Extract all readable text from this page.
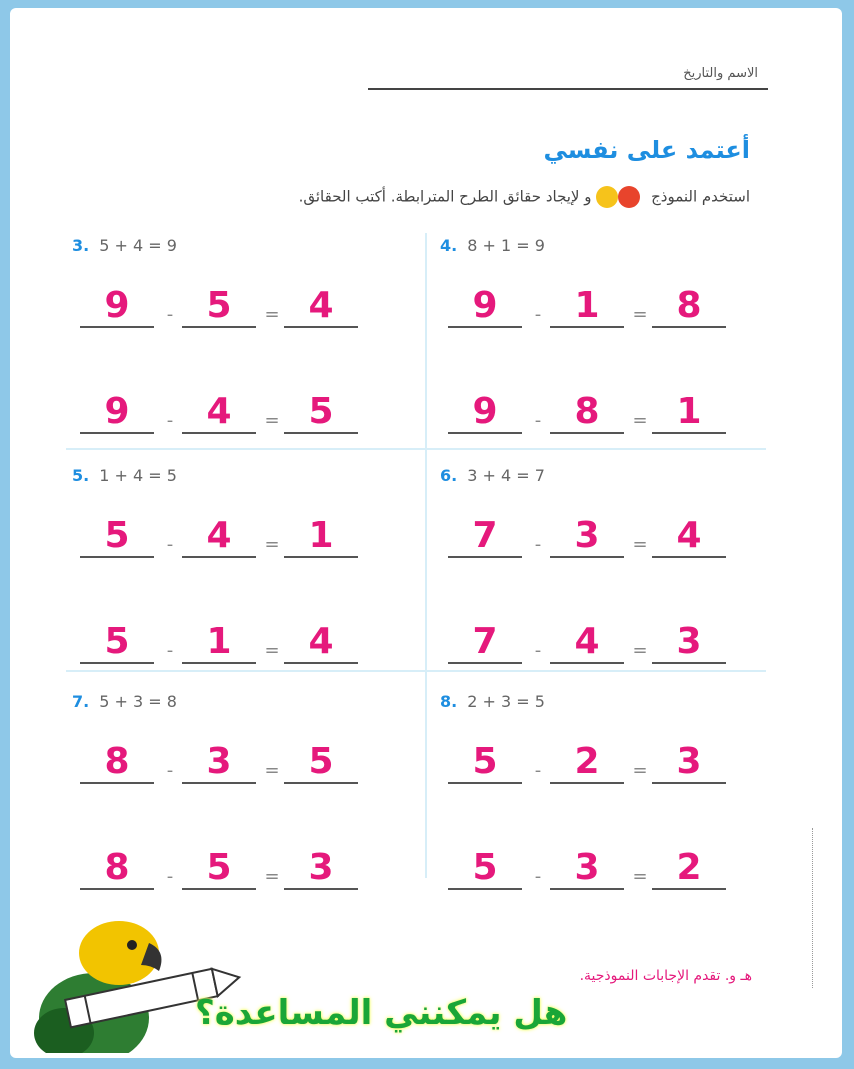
الاسم والتاريخ
أعتمد على نفسي
استخدم النموذج  و لإيجاد حقائق الطرح المترابطة. أكتب الحقائق.
3. 5 + 4 = 9
9	- 5	= 4
9	- 4	= 5
4. 8 + 1 = 9
9	- 1	= 8
9	- 8	= 1
5. 1 + 4 = 5
5	- 4	= 1
5	- 1	= 4
6. 3 + 4 = 7
7	- 3	= 4
7	- 4	= 3
7. 5 + 3 = 8
8	- 3	= 5
8	- 5	= 3
8. 2 + 3 = 5
5	- 2	= 3
5	- 3	= 2
هل يمكنني المساعدة؟
هـ و. تقدم الإجابات النموذجية.
